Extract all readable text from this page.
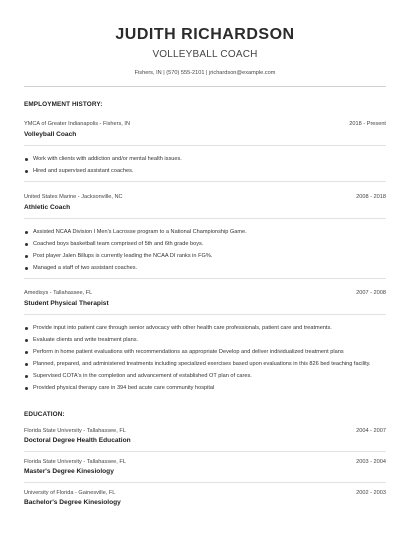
JUDITH RICHARDSON
VOLLEYBALL COACH
Fishers, IN | (570) 555-2101 | jrichardson@example.com
EMPLOYMENT HISTORY:
YMCA of Greater Indianapolis - Fishers, IN	2018 - Present
Volleyball Coach
Work with clients with addiction and/or mental health issues.
Hired and supervised assistant coaches.
United States Marine - Jacksonville, NC	2008 - 2018
Athletic Coach
Assisted NCAA Division I Men's Lacrosse program to a National Championship Game.
Coached boys basketball team comprised of 5th and 6th grade boys.
Post player Jalen Billups is currently leading the NCAA DI ranks in FG%.
Managed a staff of two assistant coaches.
Amedisys - Tallahassee, FL	2007 - 2008
Student Physical Therapist
Provide input into patient care through senior advocacy with other health care professionals, patient care and treatments.
Evaluate clients and write treatment plans.
Perform in home patient evaluations with recommendations as appropriate Develop and deliver individualized treatment plans
Planned, prepared, and administered treatments including specialized exercises based upon evaluations in this 826 bed teaching facility.
Supervised COTA's in the completion and advancement of established OT plan of cares.
Provided physical therapy care in 394 bed acute care community hospital
EDUCATION:
Florida State University - Tallahassee, FL	2004 - 2007
Doctoral Degree Health Education
Florida State University - Tallahassee, FL	2003 - 2004
Master's Degree Kinesiology
University of Florida - Gainesville, FL	2002 - 2003
Bachelor's Degree Kinesiology
